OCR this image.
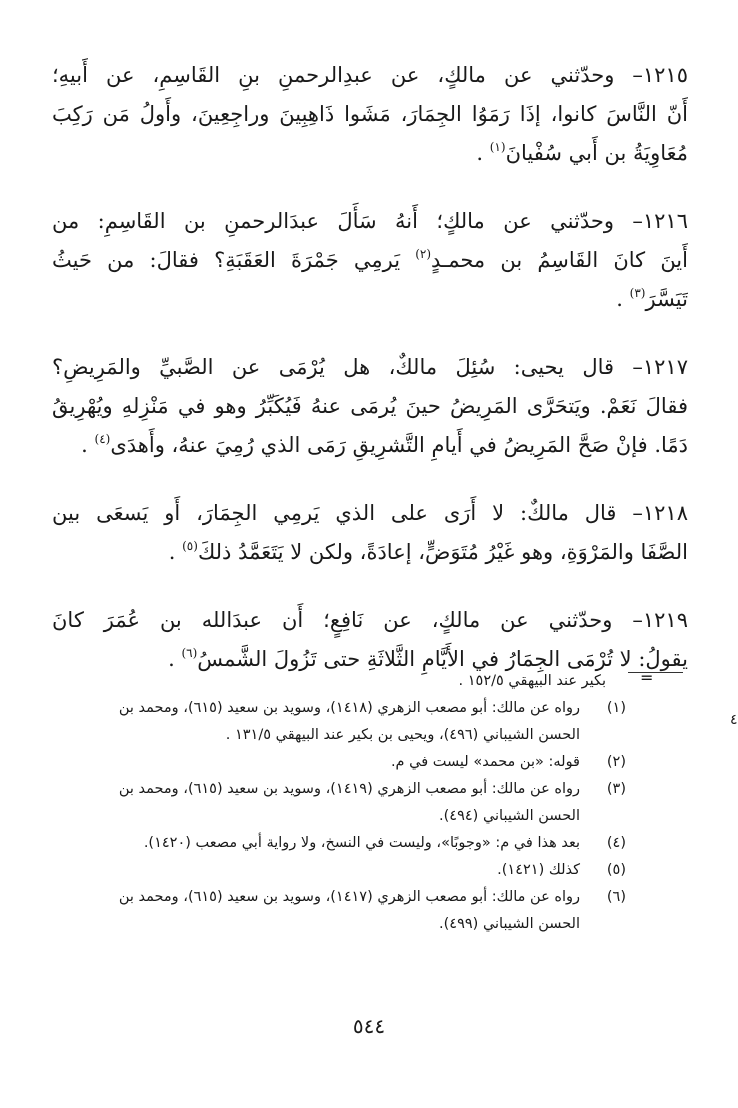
١٢١٥– وحدّثني عن مالكٍ، عن عبدِالرحمنِ بنِ القَاسِمِ، عن أَبيهِ؛
أَنّ النَّاسَ كانوا، إذَا رَمَوُا الجِمَارَ، مَشَوا ذَاهِبِينَ وراجِعِينَ، وأَولُ مَن رَكِبَ
مُعَاوِيَةُ بن أَبي سُفْيانَ$^{(١)}$ .

١٢١٦– وحدّثني عن مالكٍ؛ أَنهُ سَأَلَ عبدَالرحمنِ بن القَاسِمِ: من
أَينَ كانَ القَاسِمُ بن محمـدٍ$^{(٢)}$ يَرمِي جَمْرَةَ العَقَبَةِ؟ فقالَ: من حَيثُ
تَيَسَّرَ$^{(٣)}$ .

١٢١٧– قال يحيى: سُئِلَ مالكٌ، هل يُرْمَى عن الصَّبيِّ والمَرِيضِ؟
فقالَ نَعَمْ. ويَتحَرَّى المَرِيضُ حينَ يُرمَى عنهُ فَيُكَبِّرُ وهو في مَنْزِلهِ ويُهْرِيقُ
دَمًا. فإنْ صَحَّ المَرِيضُ في أَيامِ التَّشرِيقِ رَمَى الذي رُمِيَ عنهُ، وأَهدَى$^{(٤)}$ .

١٢١٨– قال مالكٌ: لا أَرَى على الذي يَرمِي الجِمَارَ، أَو يَسعَى بين
الصَّفَا والمَرْوَةِ، وهو غَيْرُ مُتَوَضٍّ، إعادَةً، ولكن لا يَتَعَمَّدُ ذلكَ$^{(٥)}$ .

١٢١٩– وحدّثني عن مالكٍ، عن نَافِعٍ؛ أَن عبدَالله بن عُمَرَ كانَ
يقولُ: لا تُرْمَى الجِمَارُ في الأَيَّامِ الثَّلاثَةِ حتى تَزُولَ الشَّمسُ$^{(٦)}$ .

=

بكير عند البيهقي ١٥٢/٥ .

(١)
رواه عن مالك: أبو مصعب الزهري (١٤١٨)، وسويد بن سعيد (٦١٥)، ومحمد بن
الحسن الشيباني (٤٩٦)، ويحيى بن بكير عند البيهقي ١٣١/٥ .
(٢)
قوله: «بن محمد» ليست في م.
(٣)
رواه عن مالك: أبو مصعب الزهري (١٤١٩)، وسويد بن سعيد (٦١٥)، ومحمد بن
الحسن الشيباني (٤٩٤).
(٤)
بعد هذا في م: «وجوبًا»، وليست في النسخ، ولا رواية أبي مصعب (١٤٢٠).
(٥)
كذلك (١٤٢١).
(٦)
رواه عن مالك: أبو مصعب الزهري (١٤١٧)، وسويد بن سعيد (٦١٥)، ومحمد بن
الحسن الشيباني (٤٩٩).
٤
٥٤٤
